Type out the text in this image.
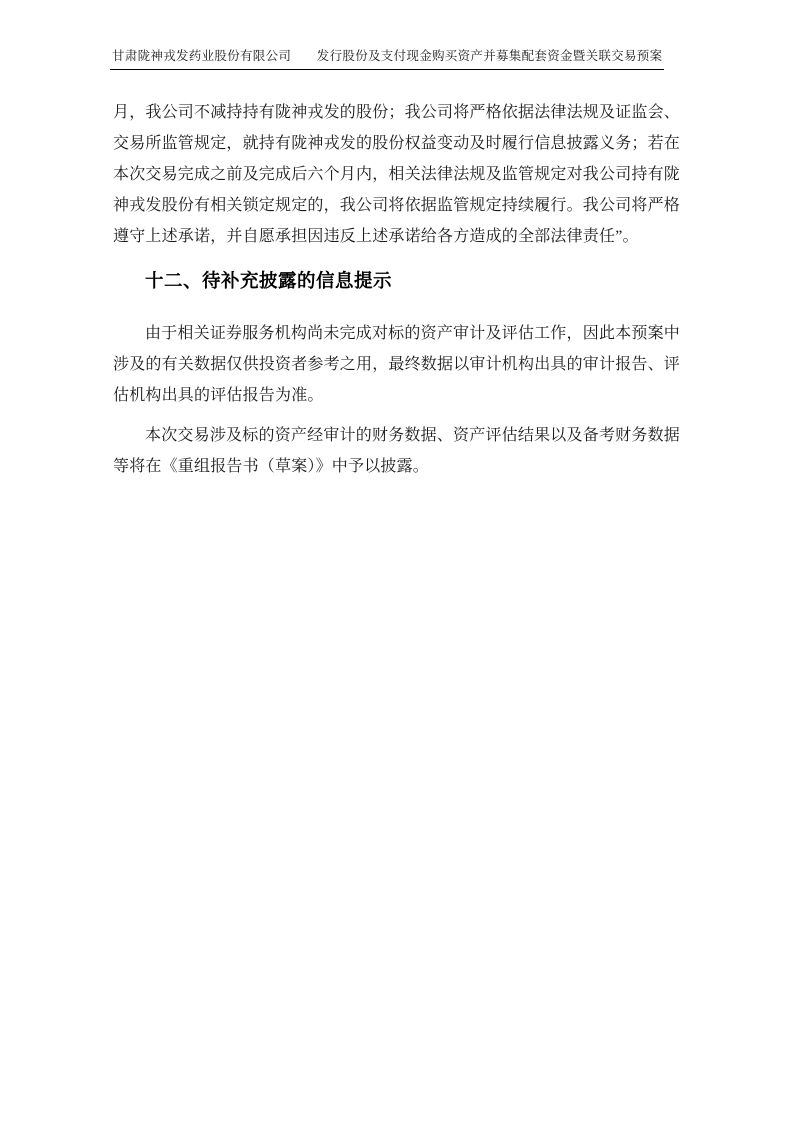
甘肃陇神戎发药业股份有限公司　　发行股份及支付现金购买资产并募集配套资金暨关联交易预案

月，我公司不减持持有陇神戎发的股份；我公司将严格依据法律法规及证监会、交易所监管规定，就持有陇神戎发的股份权益变动及时履行信息披露义务；若在本次交易完成之前及完成后六个月内，相关法律法规及监管规定对我公司持有陇神戎发股份有相关锁定规定的，我公司将依据监管规定持续履行。我公司将严格遵守上述承诺，并自愿承担因违反上述承诺给各方造成的全部法律责任”。

十二、待补充披露的信息提示

由于相关证券服务机构尚未完成对标的资产审计及评估工作，因此本预案中涉及的有关数据仅供投资者参考之用，最终数据以审计机构出具的审计报告、评估机构出具的评估报告为准。

本次交易涉及标的资产经审计的财务数据、资产评估结果以及备考财务数据等将在《重组报告书（草案）》中予以披露。
